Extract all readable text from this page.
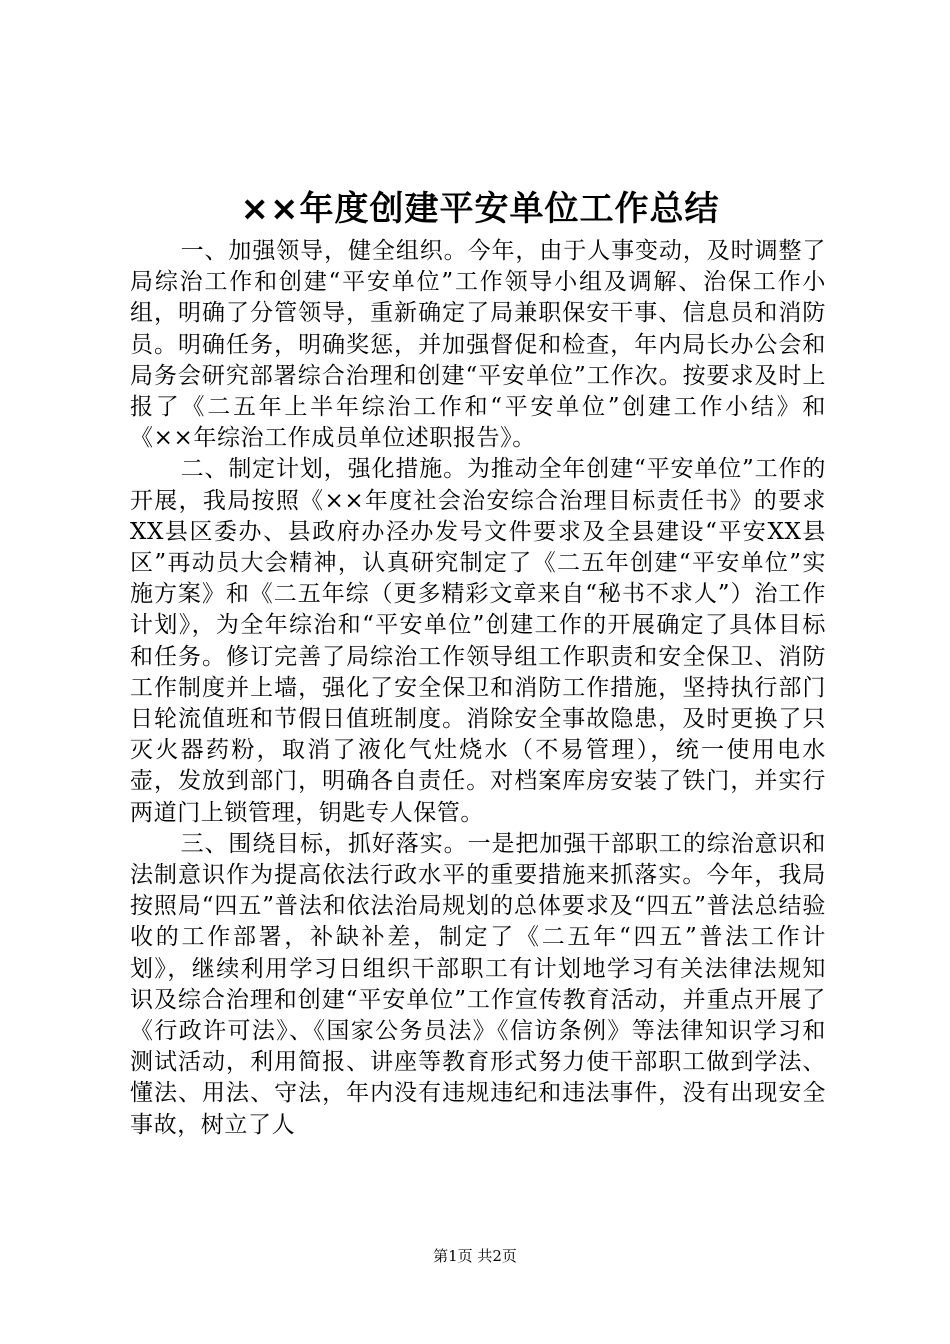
××年度创建平安单位工作总结

一、加强领导，健全组织。今年，由于人事变动，及时调整了局综治工作和创建“平安单位”工作领导小组及调解、治保工作小组，明确了分管领导，重新确定了局兼职保安干事、信息员和消防员。明确任务，明确奖惩，并加强督促和检查，年内局长办公会和局务会研究部署综合治理和创建“平安单位”工作次。按要求及时上报了《二五年上半年综治工作和“平安单位”创建工作小结》和《××年综治工作成员单位述职报告》。

二、制定计划，强化措施。为推动全年创建“平安单位”工作的开展，我局按照《××年度社会治安综合治理目标责任书》的要求XX县区委办、县政府办泾办发号文件要求及全县建设“平安XX县区”再动员大会精神，认真研究制定了《二五年创建“平安单位”实施方案》和《二五年综（更多精彩文章来自“秘书不求人”）治工作计划》，为全年综治和“平安单位”创建工作的开展确定了具体目标和任务。修订完善了局综治工作领导组工作职责和安全保卫、消防工作制度并上墙，强化了安全保卫和消防工作措施，坚持执行部门日轮流值班和节假日值班制度。消除安全事故隐患，及时更换了只灭火器药粉，取消了液化气灶烧水（不易管理），统一使用电水壶，发放到部门，明确各自责任。对档案库房安装了铁门，并实行两道门上锁管理，钥匙专人保管。

三、围绕目标，抓好落实。一是把加强干部职工的综治意识和法制意识作为提高依法行政水平的重要措施来抓落实。今年，我局按照局“四五”普法和依法治局规划的总体要求及“四五”普法总结验收的工作部署，补缺补差，制定了《二五年“四五”普法工作计划》，继续利用学习日组织干部职工有计划地学习有关法律法规知识及综合治理和创建“平安单位”工作宣传教育活动，并重点开展了《行政许可法》、《国家公务员法》《信访条例》等法律知识学习和测试活动，利用简报、讲座等教育形式努力使干部职工做到学法、懂法、用法、守法，年内没有违规违纪和违法事件，没有出现安全事故，树立了人

第1页 共2页
